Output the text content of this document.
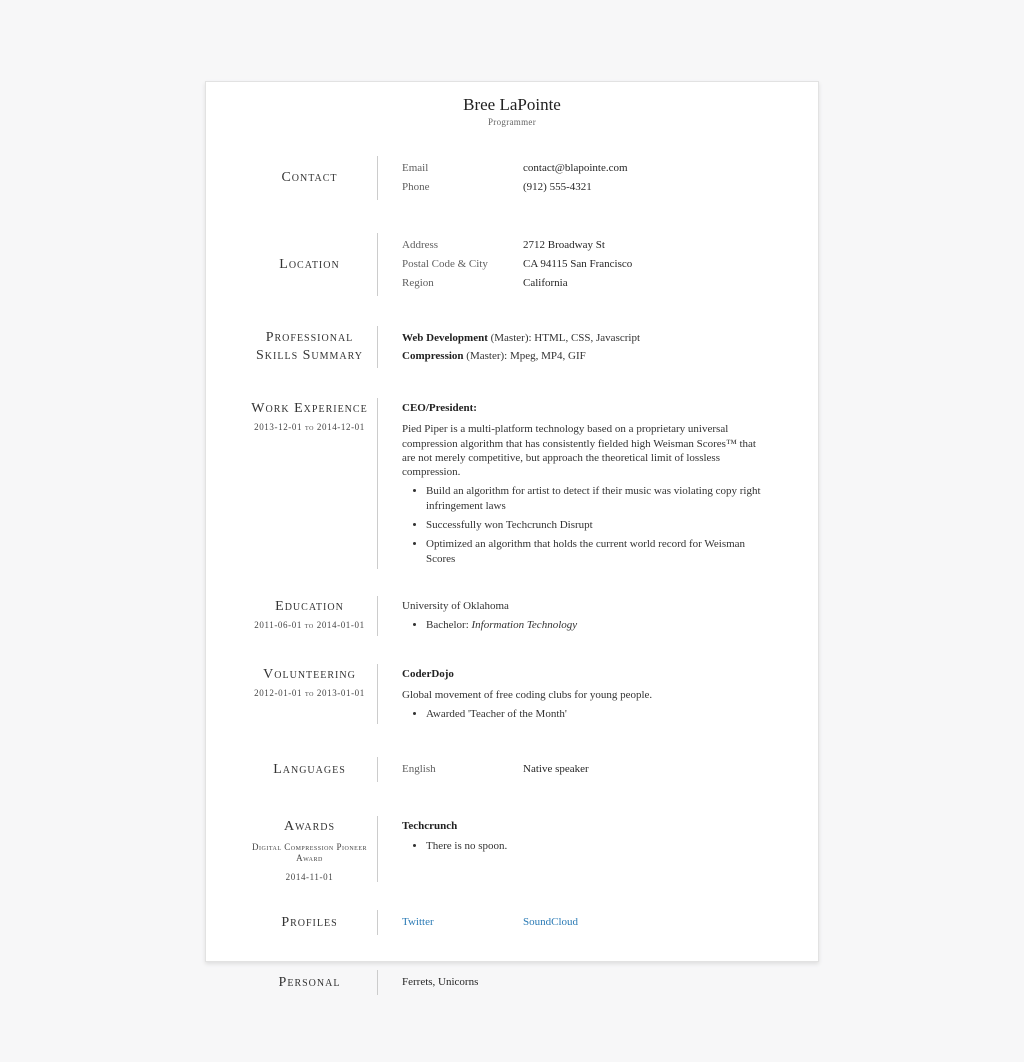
Bree LaPointe
Programmer
Contact
Email	contact@blapointe.com
Phone	(912) 555-4321
Location
Address	2712 Broadway St
Postal Code & City	CA 94115 San Francisco
Region	California
Professional
Skills Summary
Web Development (Master): HTML, CSS, Javascript
Compression (Master): Mpeg, MP4, GIF
Work Experience
2013-12-01 to 2014-12-01
CEO/President:

Pied Piper is a multi-platform technology based on a proprietary universal compression algorithm that has consistently fielded high Weisman Scores™ that are not merely competitive, but approach the theoretical limit of lossless compression.

• Build an algorithm for artist to detect if their music was violating copy right infringement laws
• Successfully won Techcrunch Disrupt
• Optimized an algorithm that holds the current world record for Weisman Scores
Education
2011-06-01 to 2014-01-01
University of Oklahoma
• Bachelor: Information Technology
Volunteering
2012-01-01 to 2013-01-01
CoderDojo

Global movement of free coding clubs for young people.

• Awarded 'Teacher of the Month'
Languages	English	Native speaker
Awards
Digital Compression Pioneer Award
2014-11-01
Techcrunch
• There is no spoon.
Profiles	Twitter	SoundCloud
Personal	Ferrets, Unicorns
